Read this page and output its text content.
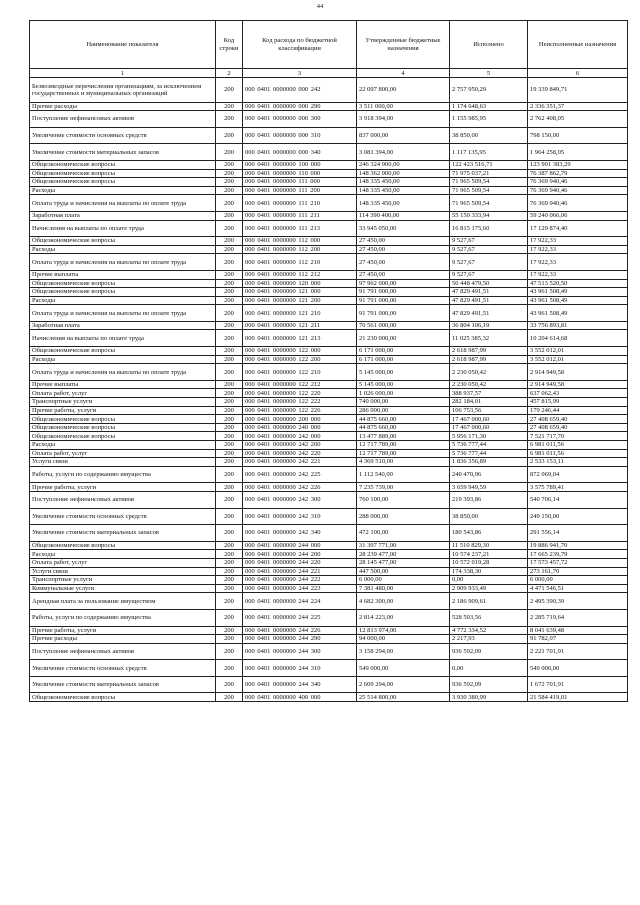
44
Наименование показателя	Код строки	Код расхода по бюджетной классификации	Утвержденные бюджетные назначения	Исполнено	Неисполненные назначения
1	2	3	4	5	6
Безвозмездные перечисления организациям, за исключением государственных и муниципальных организаций	200	000 0401 0000000 000 242	22 097 800,00	2 757 950,29	19 339 849,71
Прочие расходы	200	000 0401 0000000 000 290	3 511 000,00	1 174 648,63	2 336 351,37
Поступление нефинансовых активов	200	000 0401 0000000 000 300	3 918 394,00	1 155 985,95	2 762 408,05
Увеличение стоимости основных средств	200	000 0401 0000000 000 310	837 000,00	38 850,00	798 150,00
Увеличение стоимости материальных запасов	200	000 0401 0000000 000 340	3 081 394,00	1 117 135,95	1 964 258,05
Общеэкономические вопросы	200	000 0401 0000000 100 000	246 324 900,00	122 423 516,71	123 901 383,29
Общеэкономические вопросы	200	000 0401 0000000 110 000	148 362 900,00	71 975 037,21	76 387 862,79
Общеэкономические вопросы	200	000 0401 0000000 111 000	148 335 450,00	71 965 509,54	76 369 940,46
Расходы	200	000 0401 0000000 111 200	148 335 450,00	71 965 509,54	76 369 940,46
Оплата труда и начисления на выплаты по оплате труда	200	000 0401 0000000 111 210	148 335 450,00	71 965 509,54	76 369 940,46
Заработная плата	200	000 0401 0000000 111 211	114 390 400,00	55 150 333,94	59 240 066,06
Начисления на выплаты по оплате труда	200	000 0401 0000000 111 213	33 945 050,00	16 815 175,60	17 129 874,40
Общеэкономические вопросы	200	000 0401 0000000 112 000	27 450,00	9 527,67	17 922,33
Расходы	200	000 0401 0000000 112 200	27 450,00	9 527,67	17 922,33
Оплата труда и начисления на выплаты по оплате труда	200	000 0401 0000000 112 210	27 450,00	9 527,67	17 922,33
Прочие выплаты	200	000 0401 0000000 112 212	27 450,00	9 527,67	17 922,33
Общеэкономические вопросы	200	000 0401 0000000 120 000	97 962 000,00	50 448 479,50	47 513 520,50
Общеэкономические вопросы	200	000 0401 0000000 121 000	91 791 000,00	47 829 491,51	43 961 508,49
Расходы	200	000 0401 0000000 121 200	91 791 000,00	47 829 491,51	43 961 508,49
Оплата труда и начисления на выплаты по оплате труда	200	000 0401 0000000 121 210	91 791 000,00	47 829 491,51	43 961 508,49
Заработная плата	200	000 0401 0000000 121 211	70 561 000,00	36 804 106,19	33 756 893,81
Начисления на выплаты по оплате труда	200	000 0401 0000000 121 213	21 230 000,00	11 025 385,32	10 204 614,68
Общеэкономические вопросы	200	000 0401 0000000 122 000	6 171 000,00	2 618 987,99	3 552 012,01
Расходы	200	000 0401 0000000 122 200	6 171 000,00	2 618 987,99	3 552 012,01
Оплата труда и начисления на выплаты по оплате труда	200	000 0401 0000000 122 210	5 145 000,00	2 230 050,42	2 914 949,58
Прочие выплаты	200	000 0401 0000000 122 212	5 145 000,00	2 230 050,42	2 914 949,58
Оплата работ, услуг	200	000 0401 0000000 122 220	1 026 000,00	388 937,57	637 062,43
Транспортные услуги	200	000 0401 0000000 122 222	740 000,00	282 184,01	457 815,99
Прочие работы, услуги	200	000 0401 0000000 122 226	286 000,00	106 753,56	179 246,44
Общеэкономические вопросы	200	000 0401 0000000 200 000	44 875 660,00	17 467 000,60	27 408 659,40
Общеэкономические вопросы	200	000 0401 0000000 240 000	44 875 660,00	17 467 000,60	27 408 659,40
Общеэкономические вопросы	200	000 0401 0000000 242 000	13 477 889,00	5 956 171,30	7 521 717,70
Расходы	200	000 0401 0000000 242 200	12 717 789,00	5 736 777,44	6 981 011,56
Оплата работ, услуг	200	000 0401 0000000 242 220	12 717 789,00	5 736 777,44	6 981 011,56
Услуги связи	200	000 0401 0000000 242 221	4 369 510,00	1 836 356,89	2 533 153,11
Работы, услуги по содержанию имущества	200	000 0401 0000000 242 225	1 112 540,00	240 470,96	872 069,04
Прочие работы, услуги	200	000 0401 0000000 242 226	7 235 739,00	3 659 949,59	3 575 789,41
Поступление нефинансовых активов	200	000 0401 0000000 242 300	760 100,00	219 393,86	540 706,14
Увеличение стоимости основных средств	200	000 0401 0000000 242 310	288 000,00	38 850,00	249 150,00
Увеличение стоимости материальных запасов	200	000 0401 0000000 242 340	472 100,00	180 543,86	291 556,14
Общеэкономические вопросы	200	000 0401 0000000 244 000	31 397 771,00	11 510 829,30	19 886 941,70
Расходы	200	000 0401 0000000 244 200	28 239 477,00	10 574 237,21	17 665 239,79
Оплата работ, услуг	200	000 0401 0000000 244 220	28 145 477,00	10 572 019,28	17 573 457,72
Услуги связи	200	000 0401 0000000 244 221	447 500,00	174 338,30	273 161,70
Транспортные услуги	200	000 0401 0000000 244 222	6 000,00	0,00	6 000,00
Коммунальные услуги	200	000 0401 0000000 244 223	7 381 480,00	2 909 933,49	4 471 546,51
Арендная плата за пользование имуществом	200	000 0401 0000000 244 224	4 682 300,00	2 186 909,61	2 495 390,39
Работы, услуги по содержанию имущества	200	000 0401 0000000 244 225	2 814 223,00	528 503,56	2 285 719,64
Прочие работы, услуги	200	000 0401 0000000 244 226	12 813 974,00	4 772 334,52	8 041 639,48
Прочие расходы	200	000 0401 0000000 244 290	94 000,00	2 217,93	91 782,07
Поступление нефинансовых активов	200	000 0401 0000000 244 300	3 158 294,00	936 592,09	2 221 701,91
Увеличение стоимости основных средств	200	000 0401 0000000 244 310	549 000,00	0,00	549 000,00
Увеличение стоимости материальных запасов	200	000 0401 0000000 244 340	2 609 294,00	936 592,09	1 672 701,91
Общеэкономические вопросы	200	000 0401 0000000 400 000	25 514 800,00	3 930 380,99	21 584 419,01
